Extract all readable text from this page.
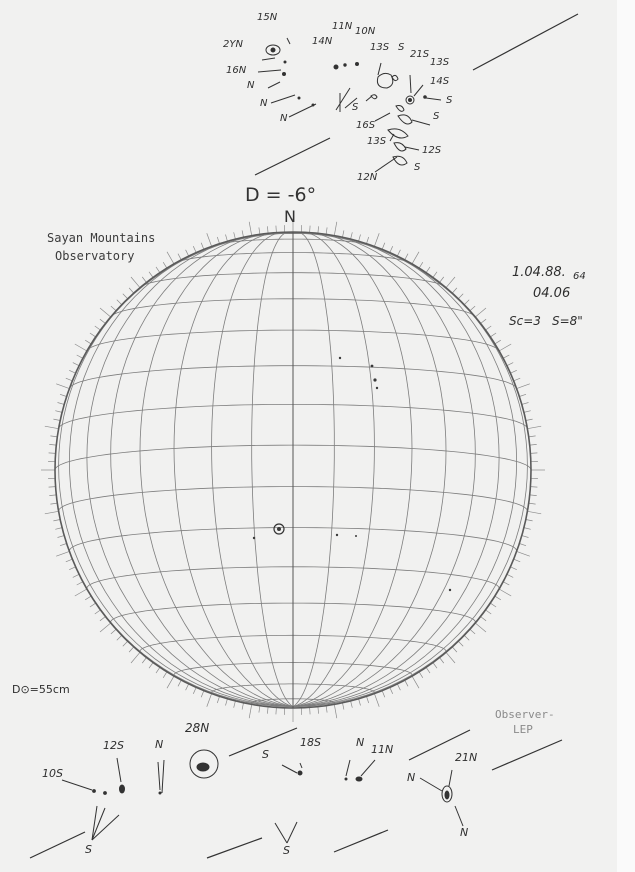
D = -6°
N
Sayan Mountains
Observatory
1.04.88. 64
04.06
Sc=3 S=8"
D⊙=55cm
Observer-
LEP
15N
2YN
16N
N
N
N
14N
11N 10N
13S S
21S
13S
14S
S
S
16S
S
13S
12S
S
12N
10S
12S
S
N
28N
S
18S
S
N
11N
N
21N
N
